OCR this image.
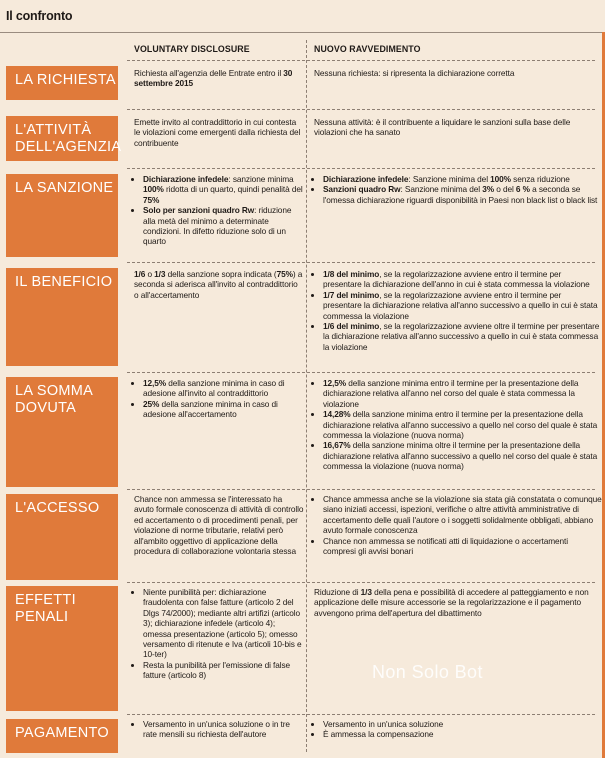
Il confronto
VOLUNTARY DISCLOSURE	NUOVO RAVVEDIMENTO
LA RICHIESTA Richiesta all'agenzia delle Entrate entro il 30 settembre 2015
Nessuna richiesta: si ripresenta la dichiarazione corretta
L'ATTIVITÀ DELL'AGENZIA
Emette invito al contraddittorio in cui contesta le violazioni come emergenti dalla richiesta del contribuente
Nessuna attività: è il contribuente a liquidare le sanzioni sulla base delle violazioni che ha sanato
LA SANZIONE
• Dichiarazione infedele: sanzione minima 100% ridotta di un quarto, quindi penalità del 75%
• Solo per sanzioni quadro Rw: riduzione alla metà del minimo a determinate condizioni. In difetto riduzione solo di un quarto
• Dichiarazione infedele: Sanzione minima del 100% senza riduzione
• Sanzioni quadro Rw: Sanzione minima del 3% o del 6 % a seconda se l'omessa dichiarazione riguardi disponibilità in Paesi non black list o black list
IL BENEFICIO	1/6 o 1/3 della sanzione sopra indicata (75%) a seconda si aderisca all'invito al contraddittorio o all'accertamento
• 1/8 del minimo, se la regolarizzazione avviene entro il termine per presentare la dichiarazione dell'anno in cui è stata commessa la violazione
• 1/7 del minimo, se la regolarizzazione avviene entro il termine per presentare la dichiarazione relativa all'anno successivo a quello in cui è stata commessa la violazione
• 1/6 del minimo, se la regolarizzazione avviene oltre il termine per presentare la dichiarazione relativa all'anno successivo a quello in cui è stata commessa la violazione
LA SOMMA DOVUTA
• 12,5% della sanzione minima in caso di adesione all'invito al contraddittorio
• 25% della sanzione minima in caso di adesione all'accertamento
• 12,5% della sanzione minima entro il termine per la presentazione della dichiarazione relativa all'anno nel corso del quale è stata commessa la violazione
• 14,28% della sanzione minima entro il termine per la presentazione della dichiarazione relativa all'anno successivo a quello nel corso del quale è stata commessa la violazione (nuova norma)
• 16,67% della sanzione minima oltre il termine per la presentazione della dichiarazione relativa all'anno successivo a quello nel corso del quale è stata commessa la violazione (nuova norma)
L'ACCESSO
Chance non ammessa se l'interessato ha avuto formale conoscenza di attività di controllo ed accertamento o di procedimenti penali, per violazione di norme tributarie, relativi però all'ambito oggettivo di applicazione della procedura di collaborazione volontaria stessa
• Chance ammessa anche se la violazione sia stata già constatata o comunque siano iniziati accessi, ispezioni, verifiche o altre attività amministrative di accertamento delle quali l'autore o i soggetti solidalmente obbligati, abbiano avuto formale conoscenza
• Chance non ammessa se notificati atti di liquidazione o accertamenti compresi gli avvisi bonari
EFFETTI PENALI
• Niente punibilità per: dichiarazione fraudolenta con false fatture (articolo 2 del Dlgs 74/2000); mediante altri artifizi (articolo 3); dichiarazione infedele (articolo 4); omessa presentazione (articolo 5); omesso versamento di ritenute e Iva (articoli 10-bis e 10-ter)
• Resta la punibilità per l'emissione di false fatture (articolo 8)
Riduzione di 1/3 della pena e possibilità di accedere al patteggiamento e non applicazione delle misure accessorie se la regolarizzazione e il pagamento avvengono prima dell'apertura del dibattimento
Non Solo Bot
PAGAMENTO
• Versamento in un'unica soluzione o in tre rate mensili su richiesta dell'autore
• Versamento in un'unica soluzione
• È ammessa la compensazione
